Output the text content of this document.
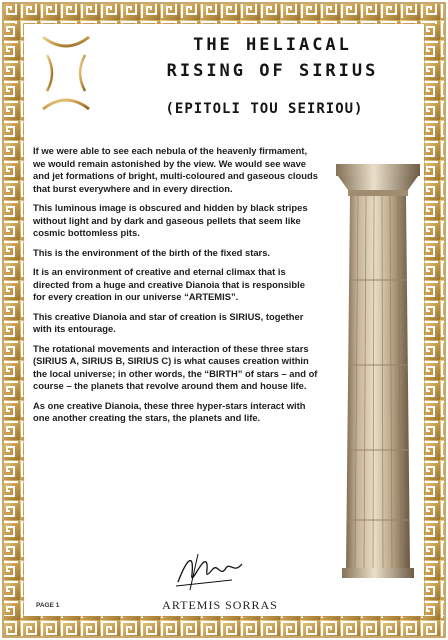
THE HELIACAL
RISING OF SIRIUS
(EPITOLI TOU SEIRIOU)

If we were able to see each nebula of the heavenly firmament, we would remain astonished by the view. We would see wave and jet formations of bright, multi-coloured and gaseous clouds that burst everywhere and in every direction.

This luminous image is obscured and hidden by black stripes without light and by dark and gaseous pellets that seem like cosmic bottomless pits.

This is the environment of the birth of the fixed stars.

It is an environment of creative and eternal climax that is directed from a huge and creative Dianoia that is responsible for every creation in our universe “ARTEMIS”.

This creative Dianoia and star of creation is SIRIUS, together with its entourage.

The rotational movements and interaction of these three stars (SIRIUS A, SIRIUS B, SIRIUS C) is what causes creation within the local universe; in other words, the “BIRTH” of stars – and of course – the planets that revolve around them and house life.

As one creative Dianoia, these three hyper-stars interact with one another creating the stars, the planets and life.

ARTEMIS SORRAS
PAGE 1
